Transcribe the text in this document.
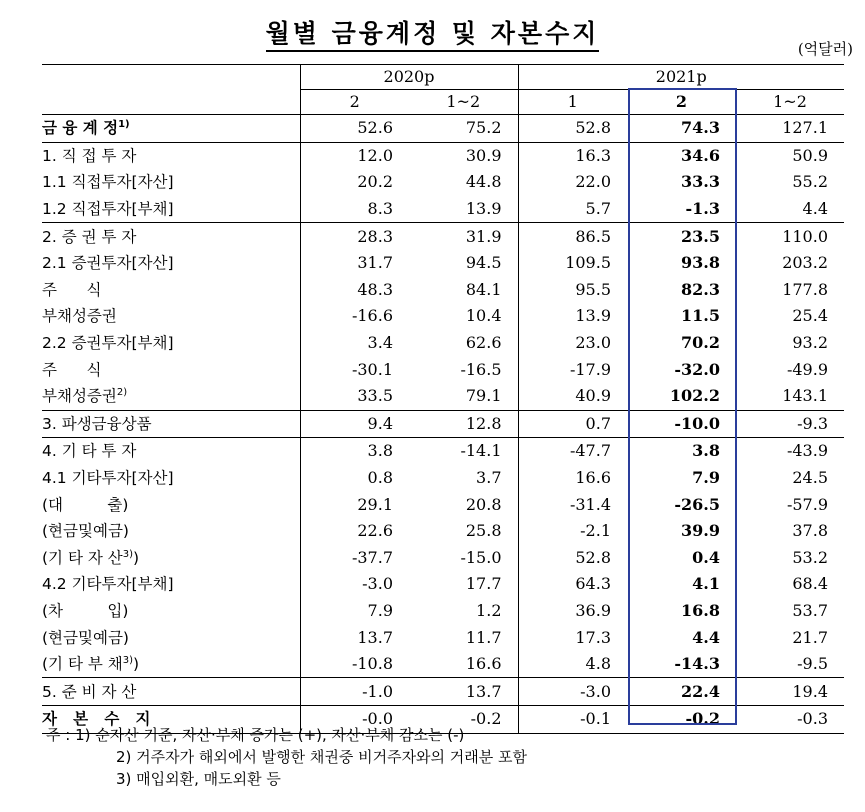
월별 금융계정 및 자본수지
(억달러)
	2020p		2021p		
	2	1~2	1	2	1~2
금 융 계 정$^{1)}$	52.6	75.2	52.8	74.3	127.1
1. 직 접 투 자	12.0	30.9	16.3	34.6	50.9
1.1 직접투자[자산]	20.2	44.8	22.0	33.3	55.2
1.2 직접투자[부채]	8.3	13.9	5.7	-1.3	4.4
2. 증 권 투 자	28.3	31.9	86.5	23.5	110.0
2.1 증권투자[자산]	31.7	94.5	109.5	93.8	203.2
주      식	48.3	84.1	95.5	82.3	177.8
부채성증권	-16.6	10.4	13.9	11.5	25.4
2.2 증권투자[부채]	3.4	62.6	23.0	70.2	93.2
주      식	-30.1	-16.5	-17.9	-32.0	-49.9
부채성증권$^{2)}$	33.5	79.1	40.9	102.2	143.1
3. 파생금융상품	9.4	12.8	0.7	-10.0	-9.3
4. 기 타 투 자	3.8	-14.1	-47.7	3.8	-43.9
4.1 기타투자[자산]	0.8	3.7	16.6	7.9	24.5
(대         출)	29.1	20.8	-31.4	-26.5	-57.9
(현금및예금)	22.6	25.8	-2.1	39.9	37.8
(기 타 자 산$^{3)}$)	-37.7	-15.0	52.8	0.4	53.2
4.2 기타투자[부채]	-3.0	17.7	64.3	4.1	68.4
(차         입)	7.9	1.2	36.9	16.8	53.7
(현금및예금)	13.7	11.7	17.3	4.4	21.7
(기 타 부 채$^{3)}$)	-10.8	16.6	4.8	-14.3	-9.5
5. 준 비 자 산	-1.0	13.7	-3.0	22.4	19.4
자   본   수   지	-0.0	-0.2	-0.1	-0.2	-0.3
주 : 1) 순자산 기준, 자산·부채 증가는 (+), 자산·부채 감소는 (-)
2) 거주자가 해외에서 발행한 채권중 비거주자와의 거래분 포함
3) 매입외환, 매도외환 등
